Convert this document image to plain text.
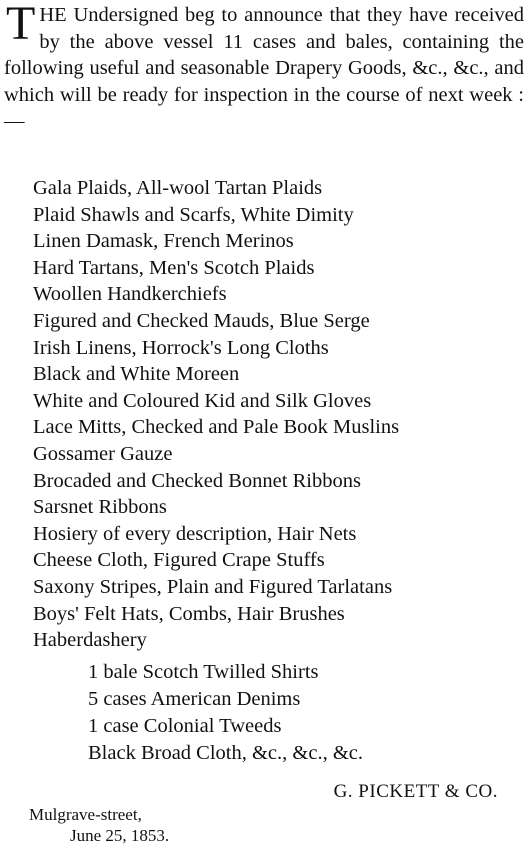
THE Undersigned beg to announce that they have received by the above vessel 11 cases and bales, containing the following useful and seasonable Drapery Goods, &c., &c., and which will be ready for inspection in the course of next week :—
Gala Plaids, All-wool Tartan Plaids
Plaid Shawls and Scarfs, White Dimity
Linen Damask, French Merinos
Hard Tartans, Men's Scotch Plaids
Woollen Handkerchiefs
Figured and Checked Mauds, Blue Serge
Irish Linens, Horrock's Long Cloths
Black and White Moreen
White and Coloured Kid and Silk Gloves
Lace Mitts, Checked and Pale Book Muslins
Gossamer Gauze
Brocaded and Checked Bonnet Ribbons
Sarsnet Ribbons
Hosiery of every description, Hair Nets
Cheese Cloth, Figured Crape Stuffs
Saxony Stripes, Plain and Figured Tarlatans
Boys' Felt Hats, Combs, Hair Brushes
Haberdashery
1 bale Scotch Twilled Shirts
5 cases American Denims
1 case Colonial Tweeds
Black Broad Cloth, &c., &c., &c.
G. PICKETT & CO.
Mulgrave-street,
June 25, 1853.
